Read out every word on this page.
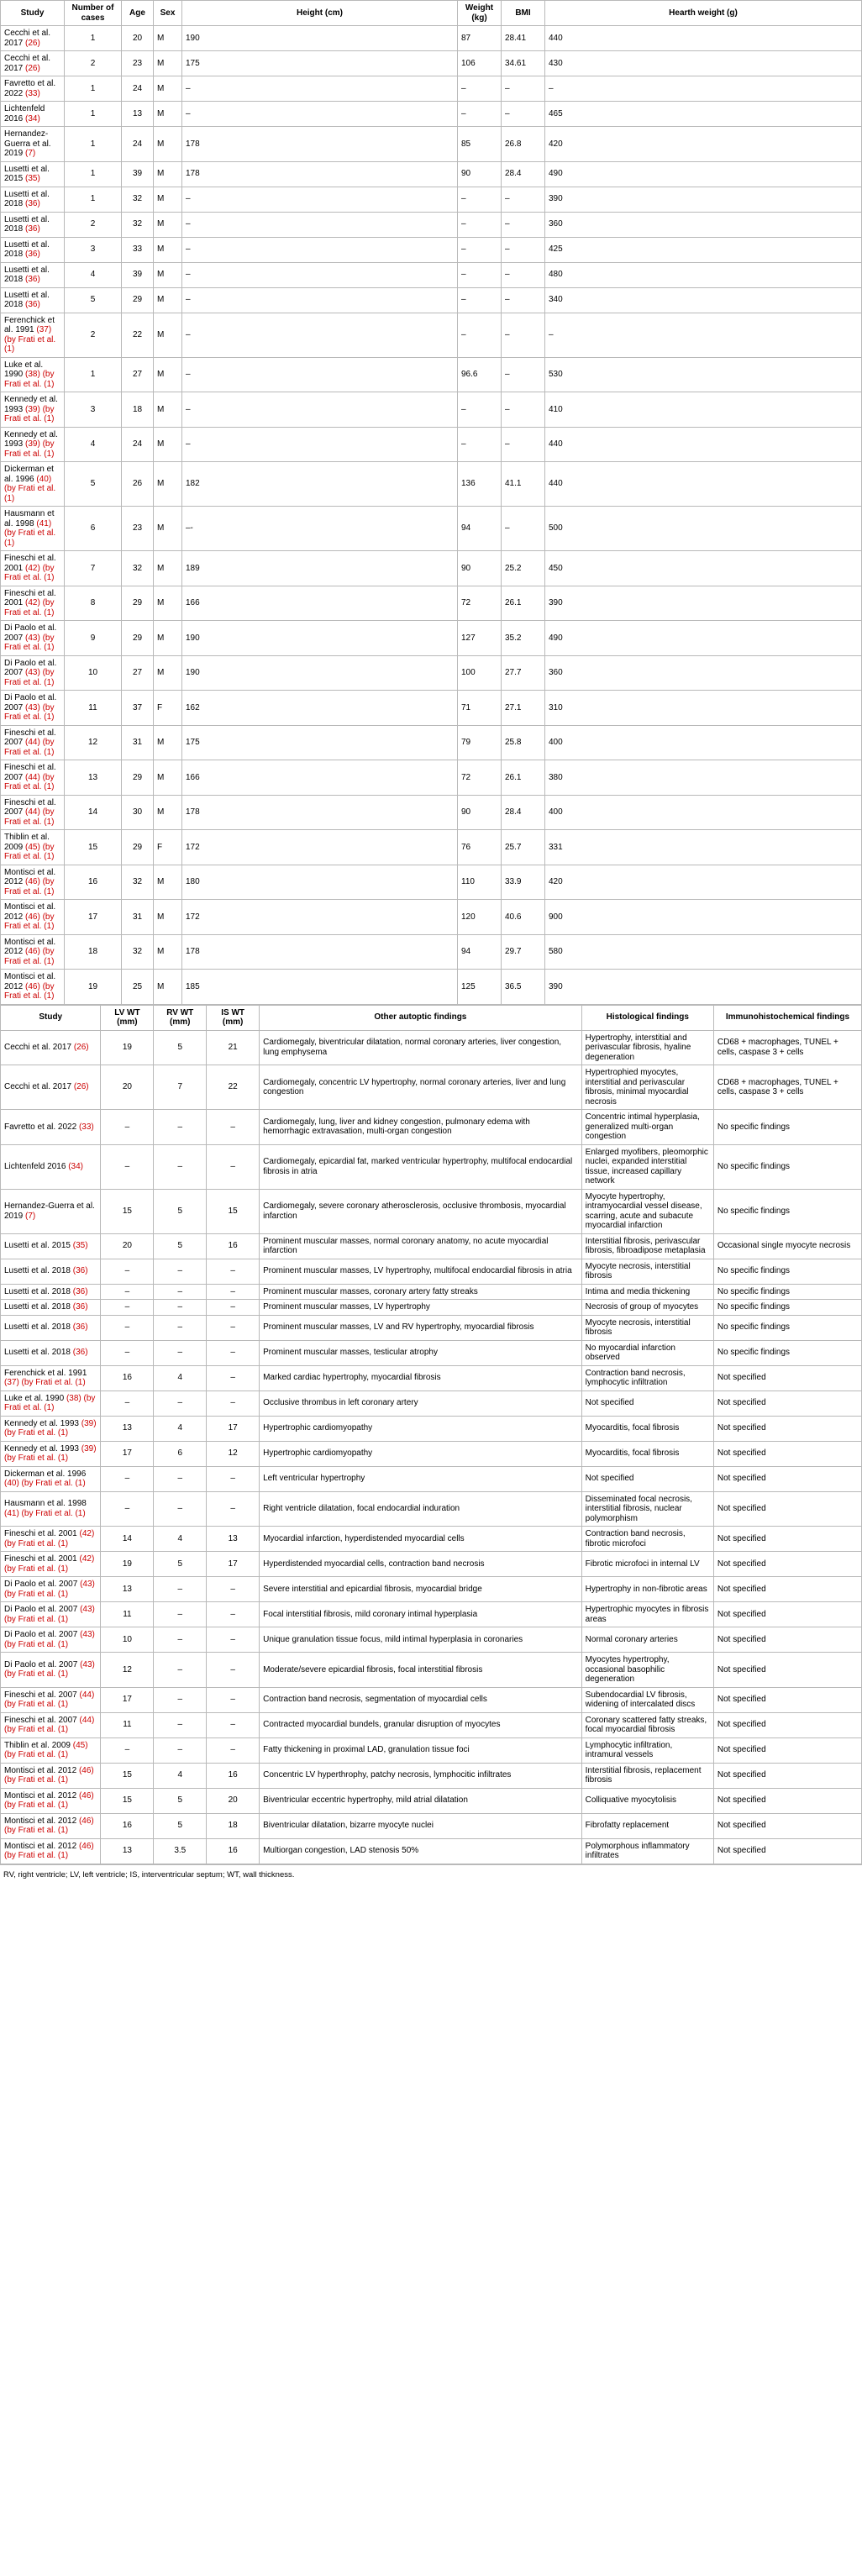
Study	Number of cases	Age	Sex	Height (cm)	Weight (kg)	BMI	Hearth weight (g)
Cecchi et al. 2017 (26)	1	20	M	190	87	28.41	440
Cecchi et al. 2017 (26)	2	23	M	175	106	34.61	430
Favretto et al. 2022 (33)	1	24	M	–	–	–	–
Lichtenfeld 2016 (34)	1	13	M	–	–	–	465
Hernandez-Guerra et al. 2019 (7)	1	24	M	178	85	26.8	420
Lusetti et al. 2015 (35)	1	39	M	178	90	28.4	490
Lusetti et al. 2018 (36)	1	32	M	–	–	–	390
Lusetti et al. 2018 (36)	2	32	M	–	–	–	360
Lusetti et al. 2018 (36)	3	33	M	–	–	–	425
Lusetti et al. 2018 (36)	4	39	M	–	–	–	480
Lusetti et al. 2018 (36)	5	29	M	–	–	–	340
Ferenchick et al. 1991 (37) (by Frati et al. (1)	2	22	M	–	–	–	–
Luke et al. 1990 (38) (by Frati et al. (1)	1	27	M	–	96.6	–	530
Kennedy et al. 1993 (39) (by Frati et al. (1)	3	18	M	–	–	–	410
Kennedy et al. 1993 (39) (by Frati et al. (1)	4	24	M	–	–	–	440
Dickerman et al. 1996 (40) (by Frati et al. (1)	5	26	M	182	136	41.1	440
Hausmann et al. 1998 (41) (by Frati et al. (1)	6	23	M	–-	94	–	500
Fineschi et al. 2001 (42) (by Frati et al. (1)	7	32	M	189	90	25.2	450
Fineschi et al. 2001 (42) (by Frati et al. (1)	8	29	M	166	72	26.1	390
Di Paolo et al. 2007 (43) (by Frati et al. (1)	9	29	M	190	127	35.2	490
Di Paolo et al. 2007 (43) (by Frati et al. (1)	10	27	M	190	100	27.7	360
Di Paolo et al. 2007 (43) (by Frati et al. (1)	11	37	F	162	71	27.1	310
Fineschi et al. 2007 (44) (by Frati et al. (1)	12	31	M	175	79	25.8	400
Fineschi et al. 2007 (44) (by Frati et al. (1)	13	29	M	166	72	26.1	380
Fineschi et al. 2007 (44) (by Frati et al. (1)	14	30	M	178	90	28.4	400
Thiblin et al. 2009 (45) (by Frati et al. (1)	15	29	F	172	76	25.7	331
Montisci et al. 2012 (46) (by Frati et al. (1)	16	32	M	180	110	33.9	420
Montisci et al. 2012 (46) (by Frati et al. (1)	17	31	M	172	120	40.6	900
Montisci et al. 2012 (46) (by Frati et al. (1)	18	32	M	178	94	29.7	580
Montisci et al. 2012 (46) (by Frati et al. (1)	19	25	M	185	125	36.5	390
Study	LV WT (mm)	RV WT (mm)	IS WT (mm)	Other autoptic findings	Histological findings	Immunohistochemical findings
Cecchi et al. 2017 (26)	19	5	21	Cardiomegaly, biventricular dilatation, normal coronary arteries, liver congestion, lung emphysema	Hypertrophy, interstitial and perivascular fibrosis, hyaline degeneration	CD68 + macrophages, TUNEL + cells, caspase 3 + cells
Cecchi et al. 2017 (26)	20	7	22	Cardiomegaly, concentric LV hypertrophy, normal coronary arteries, liver and lung congestion	Hypertrophied myocytes, interstitial and perivascular fibrosis, minimal myocardial necrosis	CD68 + macrophages, TUNEL + cells, caspase 3 + cells
Favretto et al. 2022 (33)	–	–	–	Cardiomegaly, lung, liver and kidney congestion, pulmonary edema with hemorrhagic extravasation, multi-organ congestion	Concentric intimal hyperplasia, generalized multi-organ congestion	No specific findings
Lichtenfeld 2016 (34)	–	–	–	Cardiomegaly, epicardial fat, marked ventricular hypertrophy, multifocal endocardial fibrosis in atria	Enlarged myofibers, pleomorphic nuclei, expanded interstitial tissue, increased capillary network	No specific findings
Hernandez-Guerra et al. 2019 (7)	15	5	15	Cardiomegaly, severe coronary atherosclerosis, occlusive thrombosis, myocardial infarction	Myocyte hypertrophy, intramyocardial vessel disease, scarring, acute and subacute myocardial infarction	No specific findings
Lusetti et al. 2015 (35)	20	5	16	Prominent muscular masses, normal coronary anatomy, no acute myocardial infarction	Interstitial fibrosis, perivascular fibrosis, fibroadipose metaplasia	Occasional single myocyte necrosis
Lusetti et al. 2018 (36)	–	–	–	Prominent muscular masses, LV hypertrophy, multifocal endocardial fibrosis in atria	Myocyte necrosis, interstitial fibrosis	No specific findings
Lusetti et al. 2018 (36)	–	–	–	Prominent muscular masses, coronary artery fatty streaks	Intima and media thickening	No specific findings
Lusetti et al. 2018 (36)	–	–	–	Prominent muscular masses, LV hypertrophy	Necrosis of group of myocytes	No specific findings
Lusetti et al. 2018 (36)	–	–	–	Prominent muscular masses, LV and RV hypertrophy, myocardial fibrosis	Myocyte necrosis, interstitial fibrosis	No specific findings
Lusetti et al. 2018 (36)	–	–	–	Prominent muscular masses, testicular atrophy	No myocardial infarction observed	No specific findings
Ferenchick et al. 1991 (37) (by Frati et al. (1)	16	4	–	Marked cardiac hypertrophy, myocardial fibrosis	Contraction band necrosis, lymphocytic infiltration	Not specified
Luke et al. 1990 (38) (by Frati et al. (1)	–	–	–	Occlusive thrombus in left coronary artery	Not specified	Not specified
Kennedy et al. 1993 (39) (by Frati et al. (1)	13	4	17	Hypertrophic cardiomyopathy	Myocarditis, focal fibrosis	Not specified
Kennedy et al. 1993 (39) (by Frati et al. (1)	17	6	12	Hypertrophic cardiomyopathy	Myocarditis, focal fibrosis	Not specified
Dickerman et al. 1996 (40) (by Frati et al. (1)	–	–	–	Left ventricular hypertrophy	Not specified	Not specified
Hausmann et al. 1998 (41) (by Frati et al. (1)	–	–	–	Right ventricle dilatation, focal endocardial induration	Disseminated focal necrosis, interstitial fibrosis, nuclear polymorphism	Not specified
Fineschi et al. 2001 (42) (by Frati et al. (1)	14	4	13	Myocardial infarction, hyperdistended myocardial cells	Contraction band necrosis, fibrotic microfoci	Not specified
Fineschi et al. 2001 (42) (by Frati et al. (1)	19	5	17	Hyperdistended myocardial cells, contraction band necrosis	Fibrotic microfoci in internal LV	Not specified
Di Paolo et al. 2007 (43) (by Frati et al. (1)	13	–	–	Severe interstitial and epicardial fibrosis, myocardial bridge	Hypertrophy in non-fibrotic areas	Not specified
Di Paolo et al. 2007 (43) (by Frati et al. (1)	11	–	–	Focal interstitial fibrosis, mild coronary intimal hyperplasia	Hypertrophic myocytes in fibrosis areas	Not specified
Di Paolo et al. 2007 (43) (by Frati et al. (1)	10	–	–	Unique granulation tissue focus, mild intimal hyperplasia in coronaries	Normal coronary arteries	Not specified
Di Paolo et al. 2007 (43) (by Frati et al. (1)	12	–	–	Moderate/severe epicardial fibrosis, focal interstitial fibrosis	Myocytes hypertrophy, occasional basophilic degeneration	Not specified
Fineschi et al. 2007 (44) (by Frati et al. (1)	17	–	–	Contraction band necrosis, segmentation of myocardial cells	Subendocardial LV fibrosis, widening of intercalated discs	Not specified
Fineschi et al. 2007 (44) (by Frati et al. (1)	11	–	–	Contracted myocardial bundels, granular disruption of myocytes	Coronary scattered fatty streaks, focal myocardial fibrosis	Not specified
Thiblin et al. 2009 (45) (by Frati et al. (1)	–	–	–	Fatty thickening in proximal LAD, granulation tissue foci	Lymphocytic infiltration, intramural vessels	Not specified
Montisci et al. 2012 (46) (by Frati et al. (1)	15	4	16	Concentric LV hyperthrophy, patchy necrosis, lymphocitic infiltrates	Interstitial fibrosis, replacement fibrosis	Not specified
Montisci et al. 2012 (46) (by Frati et al. (1)	15	5	20	Biventricular eccentric hypertrophy, mild atrial dilatation	Colliquative myocytolisis	Not specified
Montisci et al. 2012 (46) (by Frati et al. (1)	16	5	18	Biventricular dilatation, bizarre myocyte nuclei	Fibrofatty replacement	Not specified
Montisci et al. 2012 (46) (by Frati et al. (1)	13	3.5	16	Multiorgan congestion, LAD stenosis 50%	Polymorphous inflammatory infiltrates	Not specified
RV, right ventricle; LV, left ventricle; IS, interventricular septum; WT, wall thickness.
